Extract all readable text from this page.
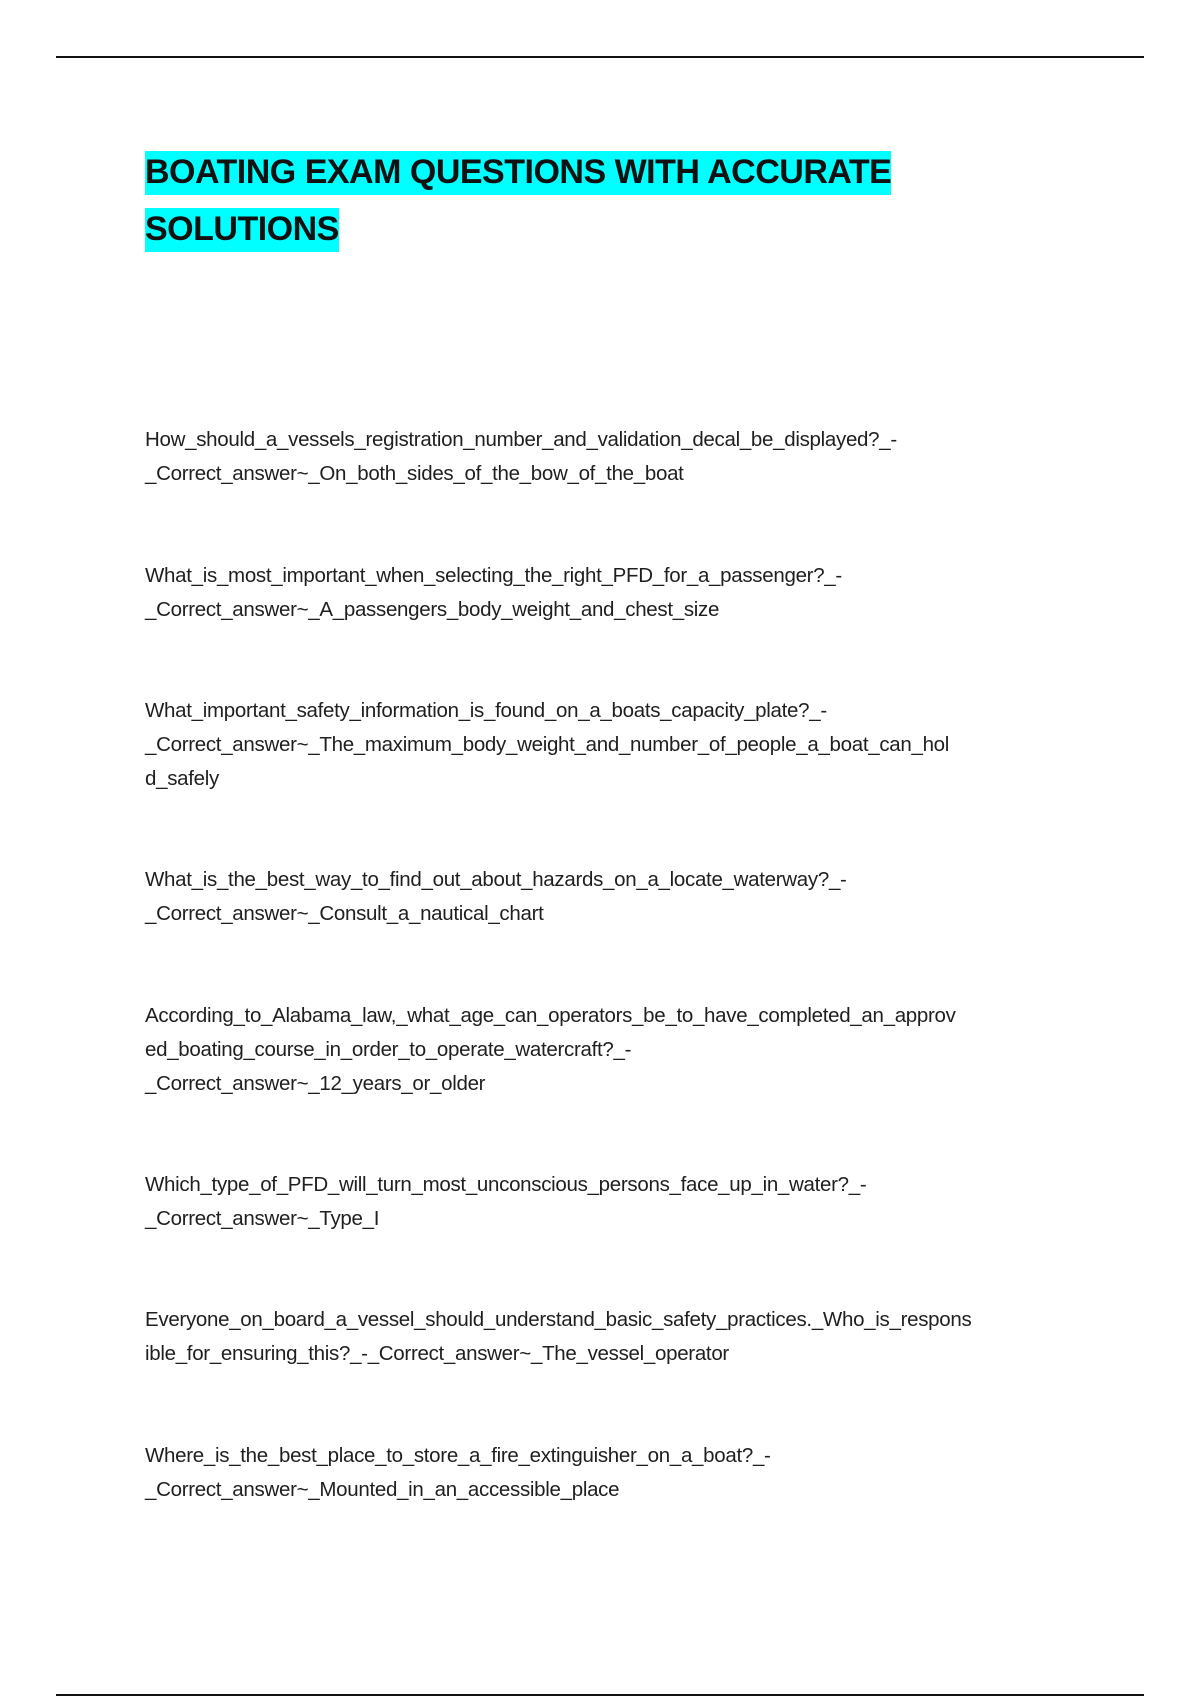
BOATING EXAM QUESTIONS WITH ACCURATE
SOLUTIONS

How_should_a_vessels_registration_number_and_validation_decal_be_displayed?_-
_Correct_answer~_On_both_sides_of_the_bow_of_the_boat

What_is_most_important_when_selecting_the_right_PFD_for_a_passenger?_-
_Correct_answer~_A_passengers_body_weight_and_chest_size

What_important_safety_information_is_found_on_a_boats_capacity_plate?_-
_Correct_answer~_The_maximum_body_weight_and_number_of_people_a_boat_can_hol
d_safely

What_is_the_best_way_to_find_out_about_hazards_on_a_locate_waterway?_-
_Correct_answer~_Consult_a_nautical_chart

According_to_Alabama_law,_what_age_can_operators_be_to_have_completed_an_approv
ed_boating_course_in_order_to_operate_watercraft?_-
_Correct_answer~_12_years_or_older

Which_type_of_PFD_will_turn_most_unconscious_persons_face_up_in_water?_-
_Correct_answer~_Type_I

Everyone_on_board_a_vessel_should_understand_basic_safety_practices._Who_is_respons
ible_for_ensuring_this?_-_Correct_answer~_The_vessel_operator

Where_is_the_best_place_to_store_a_fire_extinguisher_on_a_boat?_-
_Correct_answer~_Mounted_in_an_accessible_place
